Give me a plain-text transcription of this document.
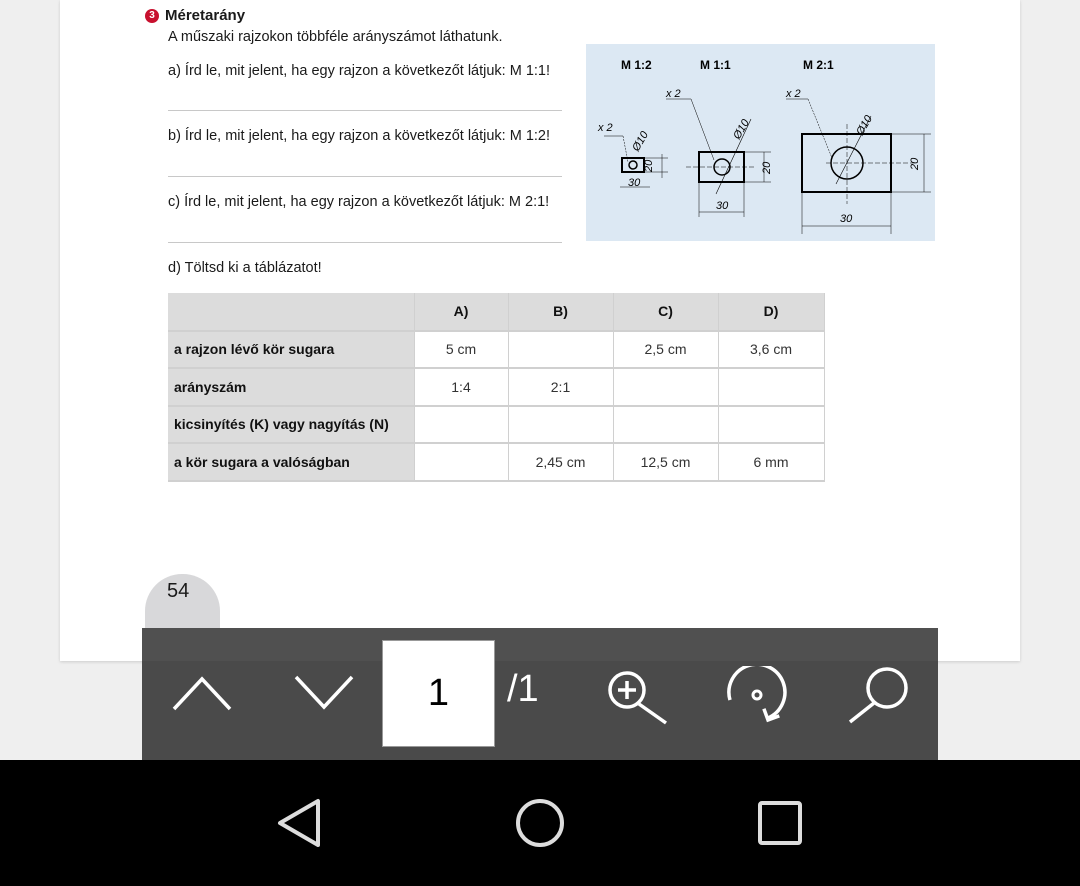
3 Méretarány
A műszaki rajzokon többféle arányszámot láthatunk.
a) Írd le, mit jelent, ha egy rajzon a következőt látjuk: M 1:1!
b) Írd le, mit jelent, ha egy rajzon a következőt látjuk: M 1:2!
c) Írd le, mit jelent, ha egy rajzon a következőt látjuk: M 2:1!
d) Töltsd ki a táblázatot!
M 1:2	M 1:1	M 2:1
x 2
30
20
Ø10
x 2
30
20
Ø10
x 2
30
20
Ø10
	A)	B)	C)	D)
a rajzon lévő kör sugara	5 cm		2,5 cm	3,6 cm
arányszám	1:4	2:1		
kicsinyítés (K) vagy nagyítás (N)				
a kör sugara a valóságban		2,45 cm	12,5 cm	6 mm
54
1	/1
